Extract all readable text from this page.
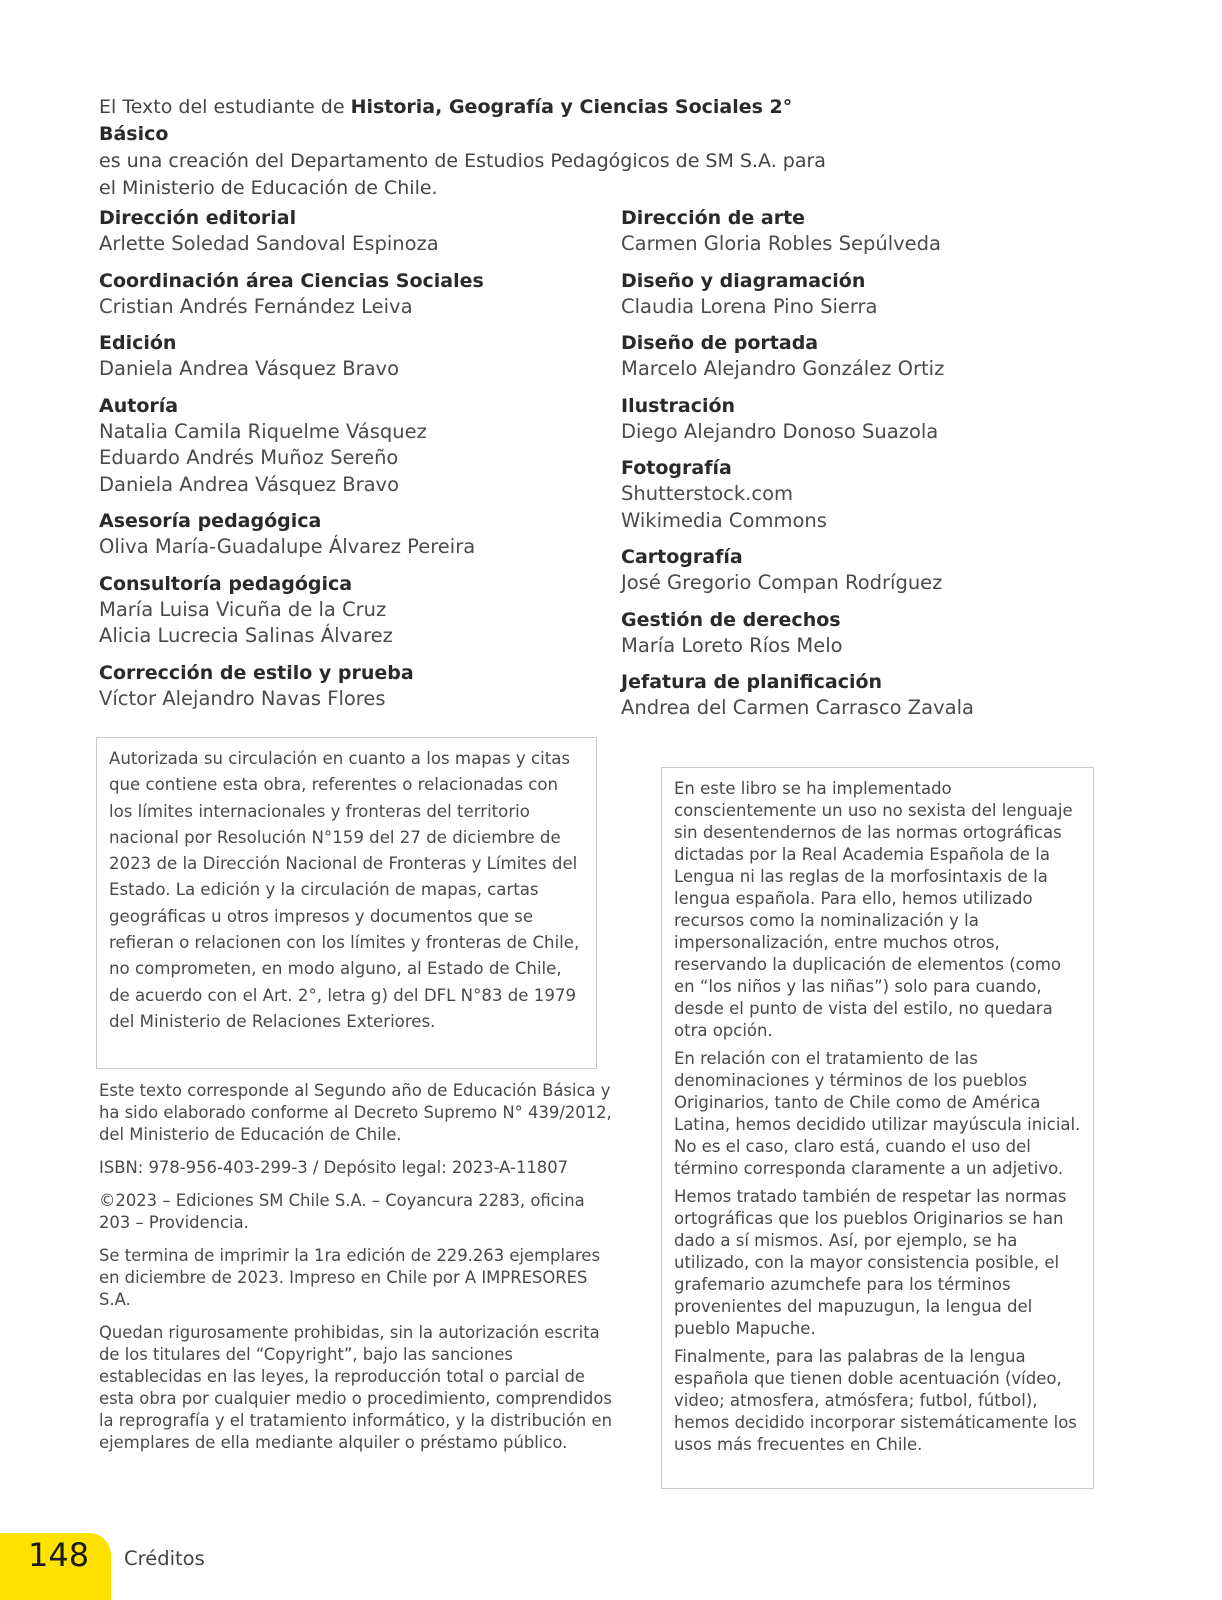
El Texto del estudiante de Historia, Geografía y Ciencias Sociales 2° Básico
es una creación del Departamento de Estudios Pedagógicos de SM S.A. para
el Ministerio de Educación de Chile.
Dirección editorial
Arlette Soledad Sandoval Espinoza
Coordinación área Ciencias Sociales
Cristian Andrés Fernández Leiva
Edición
Daniela Andrea Vásquez Bravo
Autoría
Natalia Camila Riquelme Vásquez
Eduardo Andrés Muñoz Sereño
Daniela Andrea Vásquez Bravo
Asesoría pedagógica
Oliva María-Guadalupe Álvarez Pereira
Consultoría pedagógica
María Luisa Vicuña de la Cruz
Alicia Lucrecia Salinas Álvarez
Corrección de estilo y prueba
Víctor Alejandro Navas Flores
Dirección de arte
Carmen Gloria Robles Sepúlveda
Diseño y diagramación
Claudia Lorena Pino Sierra
Diseño de portada
Marcelo Alejandro González Ortiz
Ilustración
Diego Alejandro Donoso Suazola
Fotografía
Shutterstock.com
Wikimedia Commons
Cartografía
José Gregorio Compan Rodríguez
Gestión de derechos
María Loreto Ríos Melo
Jefatura de planificación
Andrea del Carmen Carrasco Zavala

Autorizada su circulación en cuanto a los mapas y citas que contiene esta obra, referentes o relacionadas con los límites internacionales y fronteras del territorio nacional por Resolución N°159 del 27 de diciembre de 2023 de la Dirección Nacional de Fronteras y Límites del Estado. La edición y la circulación de mapas, cartas geográficas u otros impresos y documentos que se refieran o relacionen con los límites y fronteras de Chile, no comprometen, en modo alguno, al Estado de Chile, de acuerdo con el Art. 2°, letra g) del DFL N°83 de 1979 del Ministerio de Relaciones Exteriores.

Este texto corresponde al Segundo año de Educación Básica y ha sido elaborado conforme al Decreto Supremo N° 439/2012, del Ministerio de Educación de Chile.

ISBN: 978-956-403-299-3 / Depósito legal: 2023-A-11807

©2023 – Ediciones SM Chile S.A. – Coyancura 2283, oficina 203 – Providencia.

Se termina de imprimir la 1ra edición de 229.263 ejemplares en diciembre de 2023. Impreso en Chile por A IMPRESORES S.A.

Quedan rigurosamente prohibidas, sin la autorización escrita de los titulares del “Copyright”, bajo las sanciones establecidas en las leyes, la reproducción total o parcial de esta obra por cualquier medio o procedimiento, comprendidos la reprografía y el tratamiento informático, y la distribución en ejemplares de ella mediante alquiler o préstamo público.

En este libro se ha implementado conscientemente un uso no sexista del lenguaje sin desentendernos de las normas ortográficas dictadas por la Real Academia Española de la Lengua ni las reglas de la morfosintaxis de la lengua española. Para ello, hemos utilizado recursos como la nominalización y la impersonalización, entre muchos otros, reservando la duplicación de elementos (como en “los niños y las niñas”) solo para cuando, desde el punto de vista del estilo, no quedara otra opción.

En relación con el tratamiento de las denominaciones y términos de los pueblos Originarios, tanto de Chile como de América Latina, hemos decidido utilizar mayúscula inicial. No es el caso, claro está, cuando el uso del término corresponda claramente a un adjetivo.

Hemos tratado también de respetar las normas ortográficas que los pueblos Originarios se han dado a sí mismos. Así, por ejemplo, se ha utilizado, con la mayor consistencia posible, el grafemario azumchefe para los términos provenientes del mapuzugun, la lengua del pueblo Mapuche.

Finalmente, para las palabras de la lengua española que tienen doble acentuación (vídeo, video; atmosfera, atmósfera; futbol, fútbol), hemos decidido incorporar sistemáticamente los usos más frecuentes en Chile.

148 Créditos
